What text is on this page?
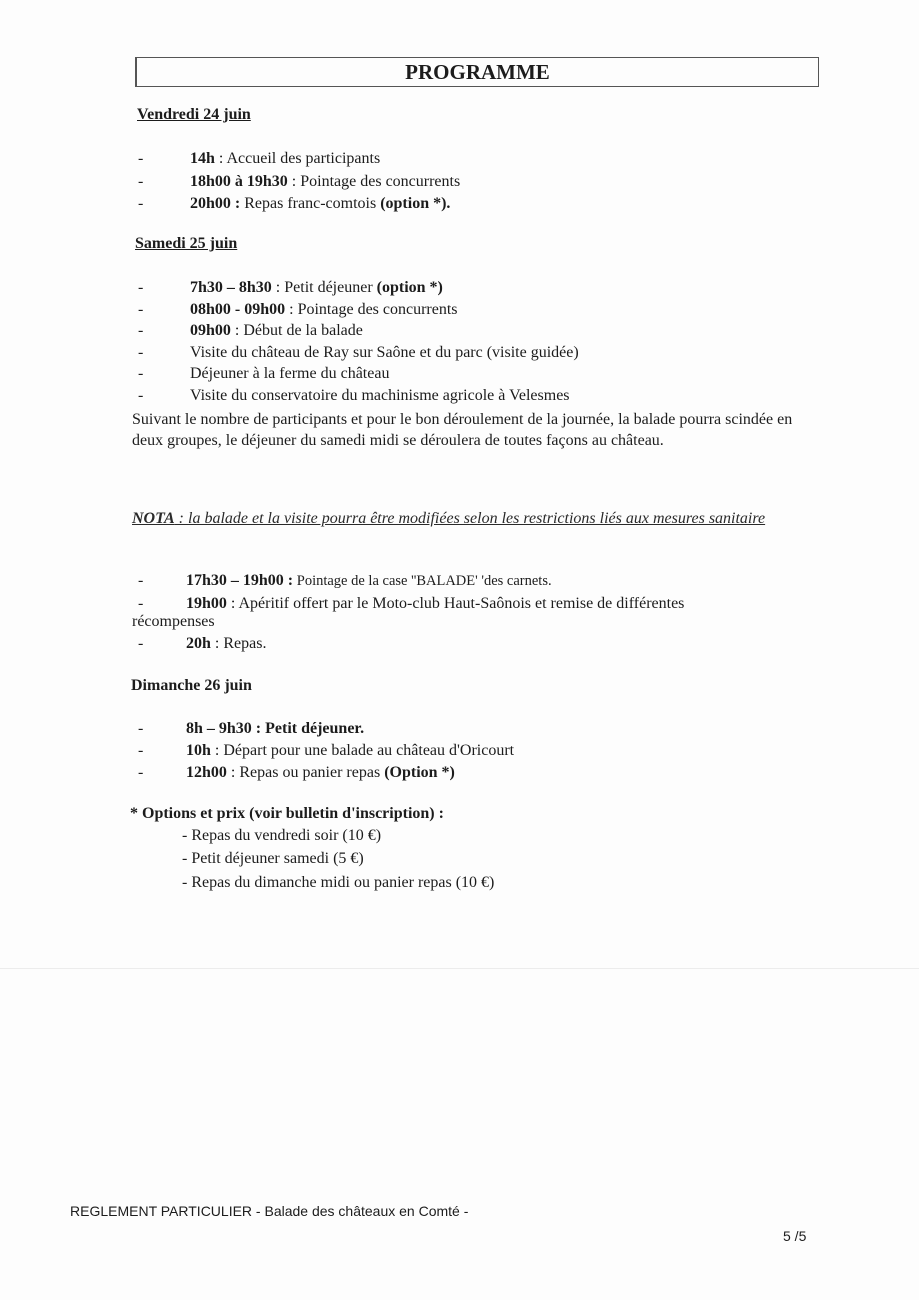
PROGRAMME
Vendredi 24 juin
-	14h : Accueil des participants
-	18h00 à 19h30 : Pointage des concurrents
-	20h00 : Repas franc-comtois (option *).
Samedi 25 juin
-	7h30 – 8h30 : Petit déjeuner (option *)
-	08h00 - 09h00 : Pointage des concurrents
-	09h00 : Début de la balade
-	Visite du château de Ray sur Saône et du parc (visite guidée)
-	Déjeuner à la ferme du château
-	Visite du conservatoire du machinisme agricole à Velesmes
Suivant le nombre de participants et pour le bon déroulement de la journée, la balade pourra scindée en deux groupes, le déjeuner du samedi midi se déroulera de toutes façons au château.
NOTA : la balade et la visite pourra être modifiées selon les restrictions liés aux mesures sanitaire
-	17h30 – 19h00 : Pointage de la case ''BALADE' 'des carnets.
-	19h00 : Apéritif offert par le Moto-club Haut-Saônois et remise de différentes
récompenses
-	20h : Repas.
Dimanche 26 juin
-	8h – 9h30 : Petit déjeuner.
-	10h : Départ pour une balade au château d'Oricourt
-	12h00 : Repas ou panier repas (Option *)
* Options et prix (voir bulletin d'inscription) :
- Repas du vendredi soir (10 €)
- Petit déjeuner samedi (5 €)
- Repas du dimanche midi ou panier repas (10 €)
REGLEMENT PARTICULIER - Balade des châteaux en Comté -
5 /5
